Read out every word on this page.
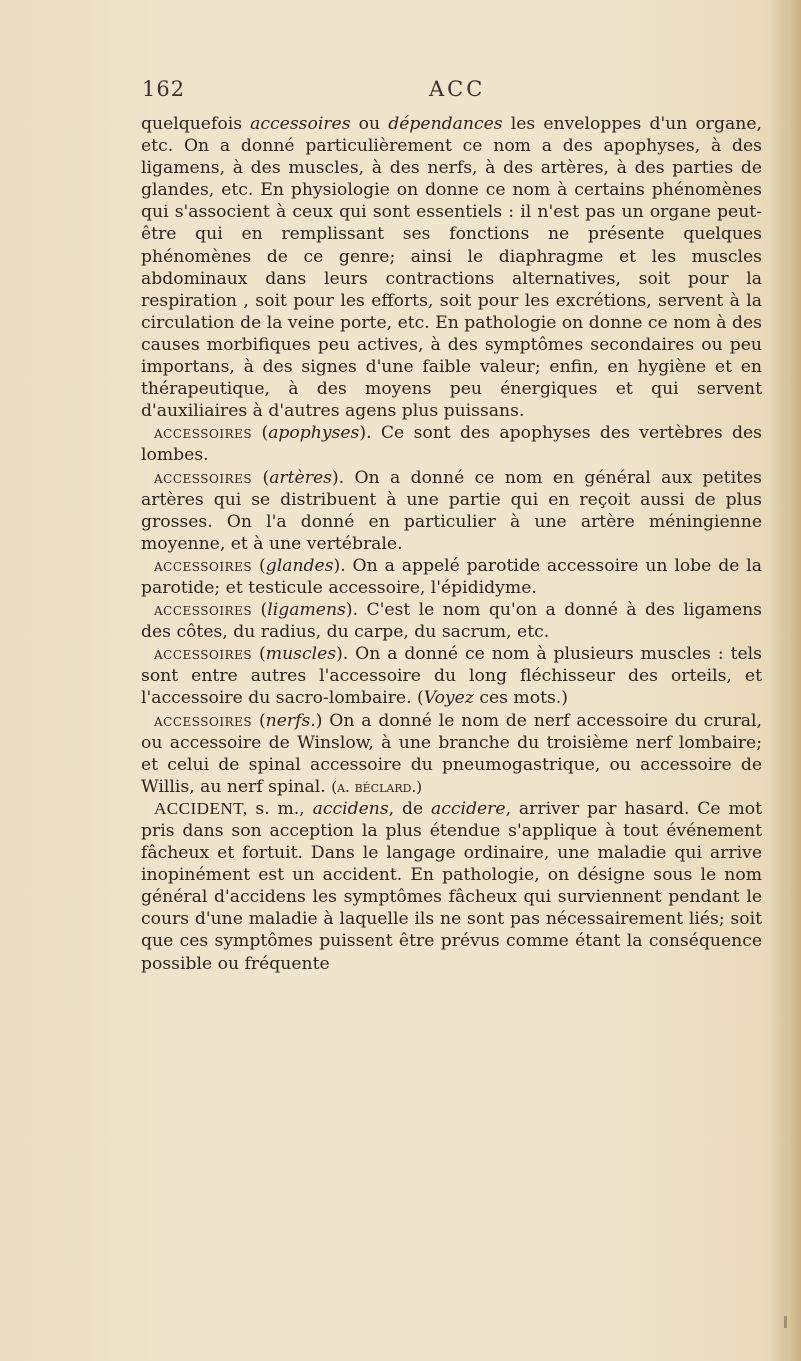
162	ACC

quelquefois accessoires ou dépendances les enveloppes d'un organe, etc. On a donné particulièrement ce nom a des apophyses, à des ligamens, à des muscles, à des nerfs, à des artères, à des parties de glandes, etc. En physiologie on donne ce nom à certains phénomènes qui s'associent à ceux qui sont essentiels : il n'est pas un organe peut-être qui en remplissant ses fonctions ne présente quelques phénomènes de ce genre; ainsi le diaphragme et les muscles abdominaux dans leurs contractions alternatives, soit pour la respiration , soit pour les efforts, soit pour les excrétions, servent à la circulation de la veine porte, etc. En pathologie on donne ce nom à des causes morbifiques peu actives, à des symptômes secondaires ou peu importans, à des signes d'une faible valeur; enfin, en hygiène et en thérapeutique, à des moyens peu énergiques et qui servent d'auxiliaires à d'autres agens plus puissans.

accessoires (apophyses). Ce sont des apophyses des vertèbres des lombes.

accessoires (artères). On a donné ce nom en général aux petites artères qui se distribuent à une partie qui en reçoit aussi de plus grosses. On l'a donné en particulier à une artère méningienne moyenne, et à une vertébrale.

accessoires (glandes). On a appelé parotide accessoire un lobe de la parotide; et testicule accessoire, l'épididyme.

accessoires (ligamens). C'est le nom qu'on a donné à des ligamens des côtes, du radius, du carpe, du sacrum, etc.

accessoires (muscles). On a donné ce nom à plusieurs muscles : tels sont entre autres l'accessoire du long fléchisseur des orteils, et l'accessoire du sacro-lombaire. (Voyez ces mots.)

accessoires (nerfs.) On a donné le nom de nerf accessoire du crural, ou accessoire de Winslow, à une branche du troisième nerf lombaire; et celui de spinal accessoire du pneumogastrique, ou accessoire de Willis, au nerf spinal. (a. béclard.)

ACCIDENT, s. m., accidens, de accidere, arriver par hasard. Ce mot pris dans son acception la plus étendue s'applique à tout événement fâcheux et fortuit. Dans le langage ordinaire, une maladie qui arrive inopinément est un accident. En pathologie, on désigne sous le nom général d'accidens les symptômes fâcheux qui surviennent pendant le cours d'une maladie à laquelle ils ne sont pas nécessairement liés; soit que ces symptômes puissent être prévus comme étant la conséquence possible ou fréquente
